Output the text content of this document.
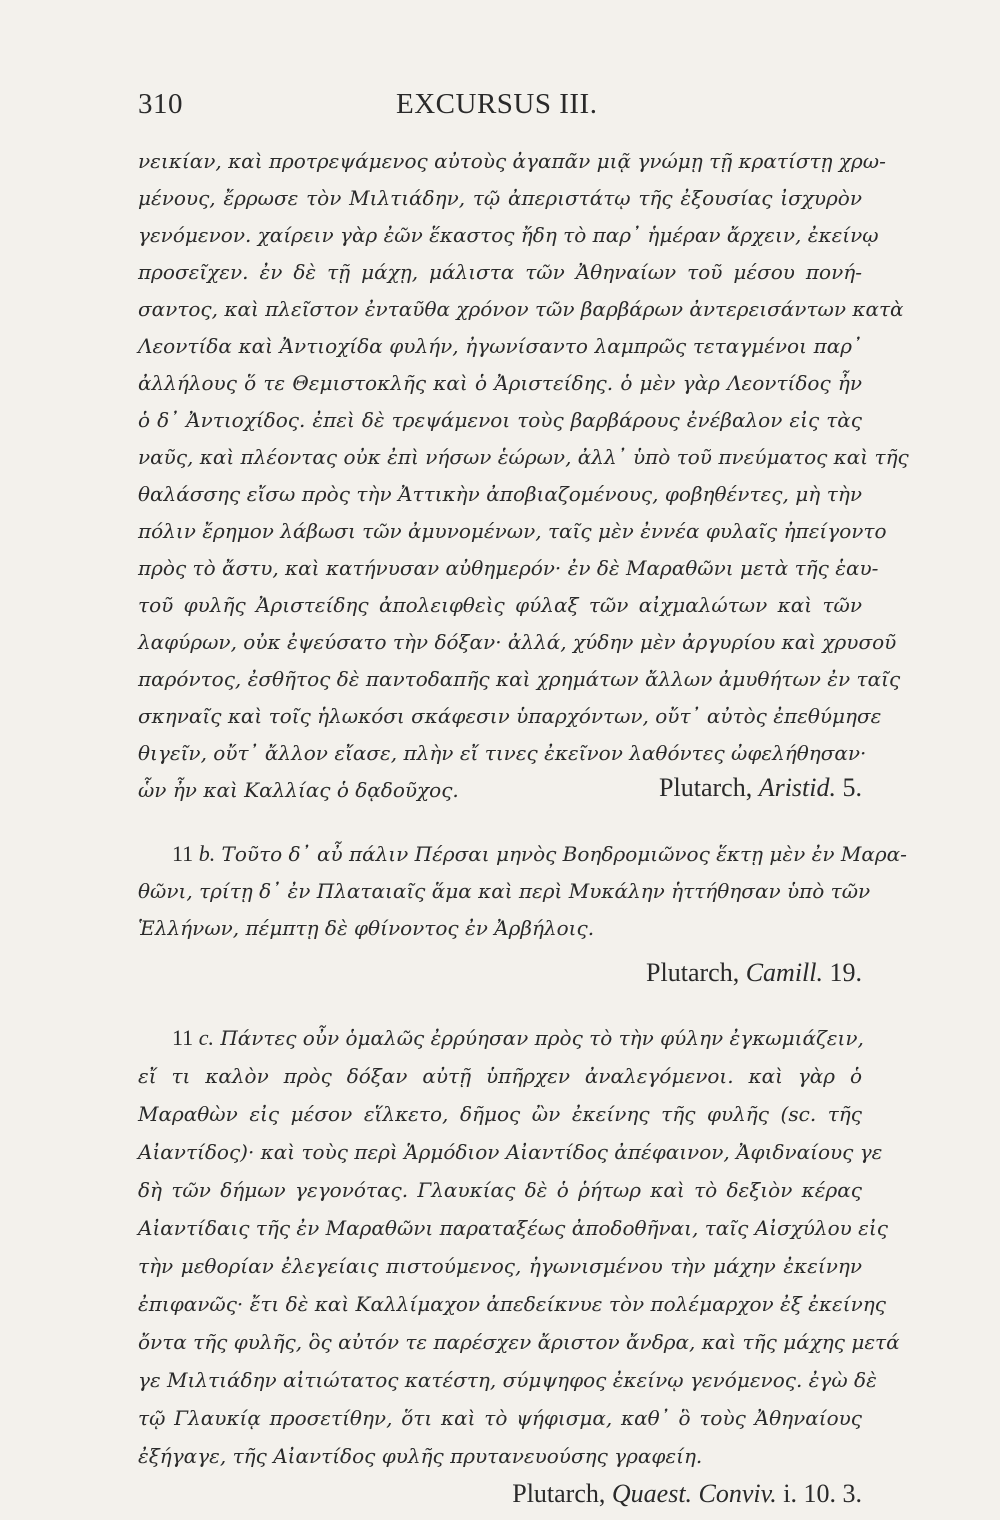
310	EXCURSUS III.
νεικίαν, καὶ προτρεψάμενος αὐτοὺς ἀγαπᾶν μιᾷ γνώμῃ τῇ κρατίστῃ χρω-
μένους, ἔρρωσε τὸν Μιλτιάδην, τῷ ἀπεριστάτῳ τῆς ἐξουσίας ἰσχυρὸν
γενόμενον. χαίρειν γὰρ ἐῶν ἕκαστος ἤδη τὸ παρ᾽ ἡμέραν ἄρχειν, ἐκείνῳ
προσεῖχεν. ἐν δὲ τῇ μάχῃ, μάλιστα τῶν Ἀθηναίων τοῦ μέσου πονή-
σαντος, καὶ πλεῖστον ἐνταῦθα χρόνον τῶν βαρβάρων ἀντερεισάντων κατὰ
Λεοντίδα καὶ Ἀντιοχίδα φυλήν, ἠγωνίσαντο λαμπρῶς τεταγμένοι παρ᾽
ἀλλήλους ὅ τε Θεμιστοκλῆς καὶ ὁ Ἀριστείδης. ὁ μὲν γὰρ Λεοντίδος ἦν
ὁ δ᾽ Ἀντιοχίδος. ἐπεὶ δὲ τρεψάμενοι τοὺς βαρβάρους ἐνέβαλον εἰς τὰς
ναῦς, καὶ πλέοντας οὐκ ἐπὶ νήσων ἑώρων, ἀλλ᾽ ὑπὸ τοῦ πνεύματος καὶ τῆς
θαλάσσης εἴσω πρὸς τὴν Ἀττικὴν ἀποβιαζομένους, φοβηθέντες, μὴ τὴν
πόλιν ἔρημον λάβωσι τῶν ἀμυνομένων, ταῖς μὲν ἐννέα φυλαῖς ἠπείγοντο
πρὸς τὸ ἄστυ, καὶ κατήνυσαν αὐθημερόν· ἐν δὲ Μαραθῶνι μετὰ τῆς ἑαυ-
τοῦ φυλῆς Ἀριστείδης ἀπολειφθεὶς φύλαξ τῶν αἰχμαλώτων καὶ τῶν
λαφύρων, οὐκ ἐψεύσατο τὴν δόξαν· ἀλλά, χύδην μὲν ἀργυρίου καὶ χρυσοῦ
παρόντος, ἐσθῆτος δὲ παντοδαπῆς καὶ χρημάτων ἄλλων ἀμυθήτων ἐν ταῖς
σκηναῖς καὶ τοῖς ἡλωκόσι σκάφεσιν ὑπαρχόντων, οὔτ᾽ αὐτὸς ἐπεθύμησε
θιγεῖν, οὔτ᾽ ἄλλον εἴασε, πλὴν εἴ τινες ἐκεῖνον λαθόντες ὠφελήθησαν·
ὧν ἦν καὶ Καλλίας ὁ δᾳδοῦχος.	Plutarch, Aristid. 5.
11 b. Τοῦτο δ᾽ αὖ πάλιν Πέρσαι μηνὸς Βοηδρομιῶνος ἕκτῃ μὲν ἐν Μαρα-
θῶνι, τρίτῃ δ᾽ ἐν Πλαταιαῖς ἅμα καὶ περὶ Μυκάλην ἡττήθησαν ὑπὸ τῶν
Ἑλλήνων, πέμπτῃ δὲ φθίνοντος ἐν Ἀρβήλοις.
Plutarch, Camill. 19.
11 c. Πάντες οὖν ὁμαλῶς ἐρρύησαν πρὸς τὸ τὴν φύλην ἐγκωμιάζειν,
εἴ τι καλὸν πρὸς δόξαν αὐτῇ ὑπῆρχεν ἀναλεγόμενοι. καὶ γὰρ ὁ
Μαραθὼν εἰς μέσον εἵλκετο, δῆμος ὢν ἐκείνης τῆς φυλῆς (sc. τῆς
Αἰαντίδος)· καὶ τοὺς περὶ Ἁρμόδιον Αἰαντίδος ἀπέφαινον, Ἀφιδναίους γε
δὴ τῶν δήμων γεγονότας. Γλαυκίας δὲ ὁ ῥήτωρ καὶ τὸ δεξιὸν κέρας
Αἰαντίδαις τῆς ἐν Μαραθῶνι παραταξέως ἀποδοθῆναι, ταῖς Αἰσχύλου εἰς
τὴν μεθορίαν ἐλεγείαις πιστούμενος, ἠγωνισμένου τὴν μάχην ἐκείνην
ἐπιφανῶς· ἔτι δὲ καὶ Καλλίμαχον ἀπεδείκνυε τὸν πολέμαρχον ἐξ ἐκείνης
ὄντα τῆς φυλῆς, ὃς αὐτόν τε παρέσχεν ἄριστον ἄνδρα, καὶ τῆς μάχης μετά
γε Μιλτιάδην αἰτιώτατος κατέστη, σύμψηφος ἐκείνῳ γενόμενος. ἐγὼ δὲ
τῷ Γλαυκίᾳ προσετίθην, ὅτι καὶ τὸ ψήφισμα, καθ᾽ ὃ τοὺς Ἀθηναίους
ἐξήγαγε, τῆς Αἰαντίδος φυλῆς πρυτανευούσης γραφείη.
Plutarch, Quaest. Conviv. i. 10. 3.
